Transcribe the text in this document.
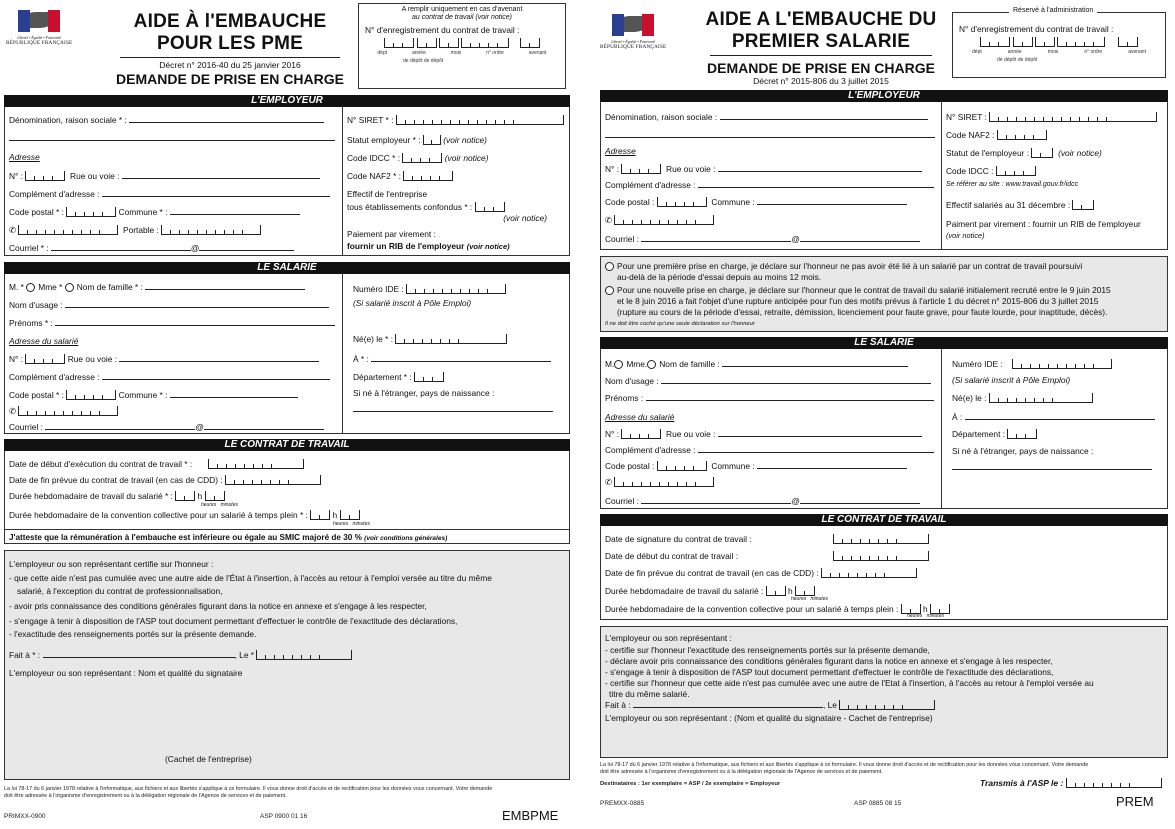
Liberté • Égalité • Fraternité
RÉPUBLIQUE FRANÇAISE
AIDE À l'EMBAUCHE
POUR LES PME
Décret n° 2016-40 du 25 janvier 2016
DEMANDE DE PRISE EN CHARGE
A remplir uniquement en cas d'avenant
au contrat de travail (voir notice)
N° d'enregistrement du contrat de travail :

dépt	année	mois	n° ordre	avenant
de dépôt de dépôt
L'EMPLOYEUR
Dénomination, raison sociale * :
Adresse
N° :	Rue ou voie :
Complément d'adresse :
Code postal * :	Commune * :
✆	Portable :
Courriel * :	@
N° SIRET * :
Statut employeur * :	(voir notice)
Code IDCC * :	(voir notice)
Code NAF2 * :
Effectif de l'entreprise
tous établissements confondus * :
(voir notice)
Paiement par virement :
fournir un RIB de l'employeur (voir notice)
LE SALARIÉ
M. * Mme * Nom de famille * :
Nom d'usage :
Prénoms * :
Adresse du salarié
N° :	Rue ou voie :
Complément d'adresse :
Code postal * :	Commune * :
✆
Courriel :	@
Numéro IDE :
(Si salarié inscrit à Pôle Emploi)
Né(e) le * :
À * :
Département * :
Si né à l'étranger, pays de naissance :
LE CONTRAT DE TRAVAIL
Date de début d'exécution du contrat de travail * :
Date de fin prévue du contrat de travail (en cas de CDD) :
Durée hebdomadaire de travail du salarié * :	h
heures minutes
Durée hebdomadaire de la convention collective pour un salarié à temps plein * :	h
heures minutes
J'atteste que la rémunération à l'embauche est inférieure ou égale au SMIC majoré de 30 % (voir conditions générales)
L'employeur ou son représentant certifie sur l'honneur :
- que cette aide n'est pas cumulée avec une autre aide de l'État à l'insertion, à l'accès au retour à l'emploi versée au titre du même
salarié, à l'exception du contrat de professionnalisation,
- avoir pris connaissance des conditions générales figurant dans la notice en annexe et s'engage à les respecter,
- s'engage à tenir à disposition de l'ASP tout document permettant d'effectuer le contrôle de l'exactitude des déclarations,
- l'exactitude des renseignements portés sur la présente demande.
Fait à * :	, Le *
L'employeur ou son représentant : Nom et qualité du signataire
(Cachet de l'entreprise)
La loi 78-17 du 6 janvier 1978 relative à l'informatique, aux fichiers et aux libertés s'applique à ce formulaire. Il vous donne droit d'accès et de rectification pour les données vous concernant. Votre demande
doit être adressée à l'organisme d'enregistrement ou à la délégation régionale de l'Agence de services et de paiement.
PRIMXX-0900	ASP 0900 01 16	EMBPME
Liberté • Égalité • Fraternité
RÉPUBLIQUE FRANÇAISE
AIDE A L'EMBAUCHE DU
PREMIER SALARIE
DEMANDE DE PRISE EN CHARGE
Décret n° 2015-806 du 3 juillet 2015
Réservé à l'administration
N° d'enregistrement du contrat de travail :

dépt	année	mois	n° ordre	avenant
de dépôt de dépôt
L'EMPLOYEUR
Dénomination, raison sociale :
Adresse
N° :	Rue ou voie :
Complément d'adresse :
Code postal :	Commune :
✆
Courriel :	@
N° SIRET :
Code NAF2 :
Statut de l'employeur :	(voir notice)
Code IDCC :
Se référer au site : www.travail.gouv.fr/idcc
Effectif salariés au 31 décembre :
Paiment par virement : fournir un RIB de l'employeur
(voir notice)
Pour une première prise en charge, je déclare sur l'honneur ne pas avoir été lié à un salarié par un contrat de travail poursuivi
au-delà de la période d'essai depuis au moins 12 mois.
Pour une nouvelle prise en charge, je déclare sur l'honneur que le contrat de travail du salarié initialement recruté entre le 9 juin 2015
et le 8 juin 2016 a fait l'objet d'une rupture anticipée pour l'un des motifs prévus à l'article 1 du décret n° 2015-806 du 3 juillet 2015
(rupture au cours de la période d'essai, retraite, démission, licenciement pour faute grave, pour faute lourde, pour inaptitude, décès).
Il ne doit être coché qu'une seule déclaration sur l'honneur
LE SALARIÉ
M. Mme. Nom de famille :
Nom d'usage :
Prénoms :
Adresse du salarié
N° :	Rue ou voie :
Complément d'adresse :
Code postal :	Commune :
✆
Courriel :	@
Numéro IDE :
(Si salarié inscrit à Pôle Emploi)
Né(e) le :
À :
Département :
Si né à l'étranger, pays de naissance :
LE CONTRAT DE TRAVAIL
Date de signature du contrat de travail :
Date de début du contrat de travail :
Date de fin prévue du contrat de travail (en cas de CDD) :
Durée hebdomadaire de travail du salarié :	h
heures minutes
Durée hebdomadaire de la convention collective pour un salarié à temps plein :	h
heures minutes
L'employeur ou son représentant :
- certifie sur l'honneur l'exactitude des renseignements portés sur la présente demande,
- déclare avoir pris connaissance des conditions générales figurant dans la notice en annexe et s'engage à les respecter,
- s'engage à tenir à disposition de l'ASP tout document permettant d'effectuer le contrôle de l'exactitude des déclarations,
- certifie sur l'honneur que cette aide n'est pas cumulée avec une autre de l'Etat à l'insertion, à l'accès au retour à l'emploi versée au
titre du même salarié.
Fait à :	, Le
L'employeur ou son représentant : (Nom et qualité du signataire - Cachet de l'entreprise)
La loi 78-17 du 6 janvier 1978 relative à l'informatique, aux fichiers et aux libertés s'applique à ce formulaire. Il vous donne droit d'accès et de rectification pour les données vous concernant. Votre demande
doit être adressée à l'organisme d'enregistrement ou à la délégation régionale de l'Agence de services et de paiement.
Destinataires : 1er exemplaire = ASP / 2e exemplaire = Employeur	Transmis à l'ASP le :
PREMXX-0885	ASP 0885 08 15	PREM
